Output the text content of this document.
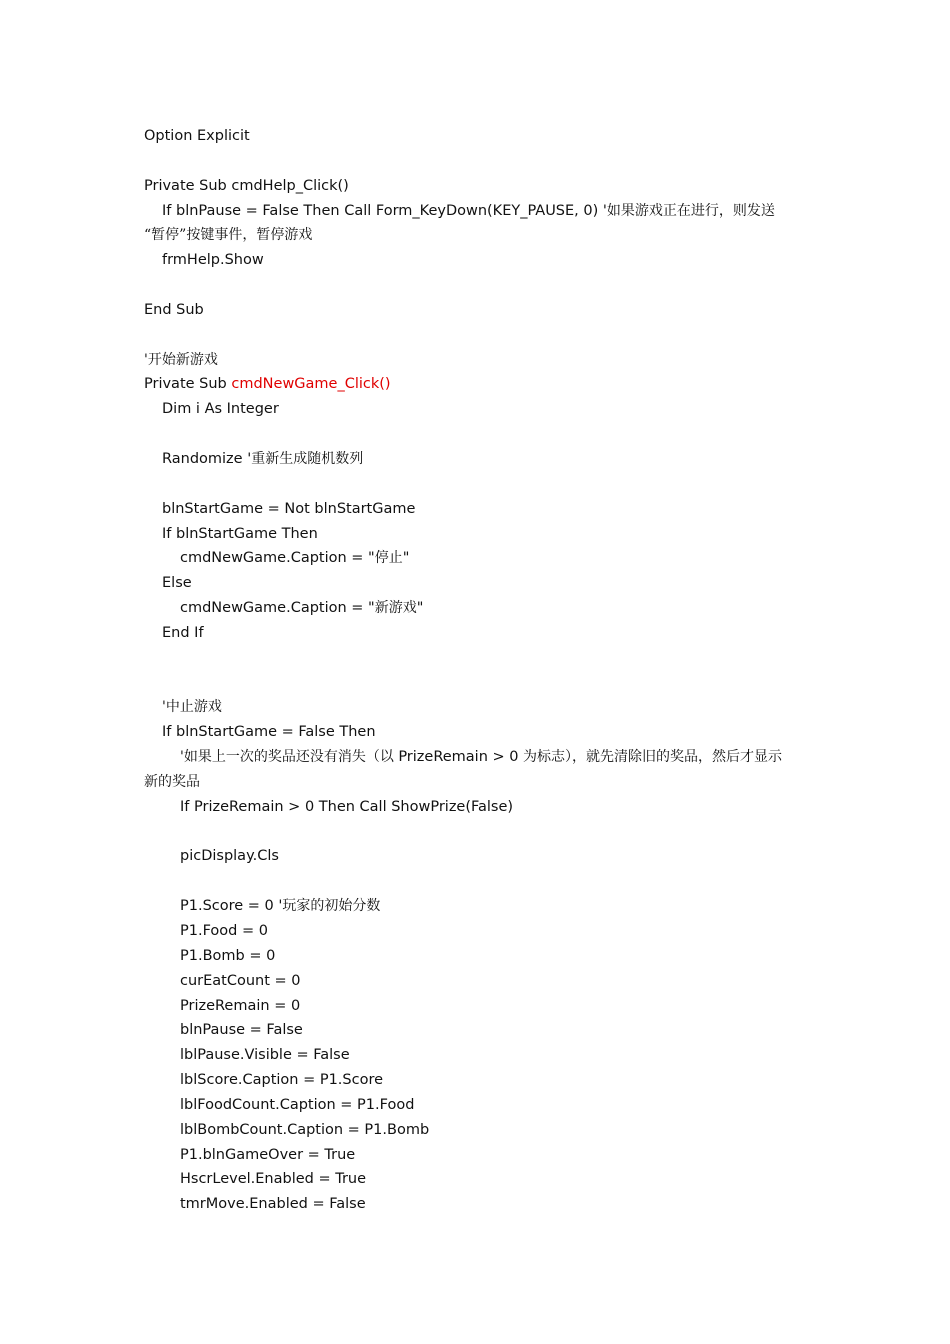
Option Explicit
Private Sub cmdHelp_Click()
If blnPause = False Then Call Form_KeyDown(KEY_PAUSE, 0) '如果游戏正在进行，则发送
“暂停”按键事件，暂停游戏
frmHelp.Show
End Sub
'开始新游戏
Private Sub cmdNewGame_Click()
Dim i As Integer
Randomize '重新生成随机数列
blnStartGame = Not blnStartGame
If blnStartGame Then
cmdNewGame.Caption = "停止"
Else
cmdNewGame.Caption = "新游戏"
End If
'中止游戏
If blnStartGame = False Then
'如果上一次的奖品还没有消失（以 PrizeRemain > 0 为标志），就先清除旧的奖品，然后才显示
新的奖品
If PrizeRemain > 0 Then Call ShowPrize(False)
picDisplay.Cls
P1.Score = 0 '玩家的初始分数
P1.Food = 0
P1.Bomb = 0
curEatCount = 0
PrizeRemain = 0
blnPause = False
lblPause.Visible = False
lblScore.Caption = P1.Score
lblFoodCount.Caption = P1.Food
lblBombCount.Caption = P1.Bomb
P1.blnGameOver = True
HscrLevel.Enabled = True
tmrMove.Enabled = False
